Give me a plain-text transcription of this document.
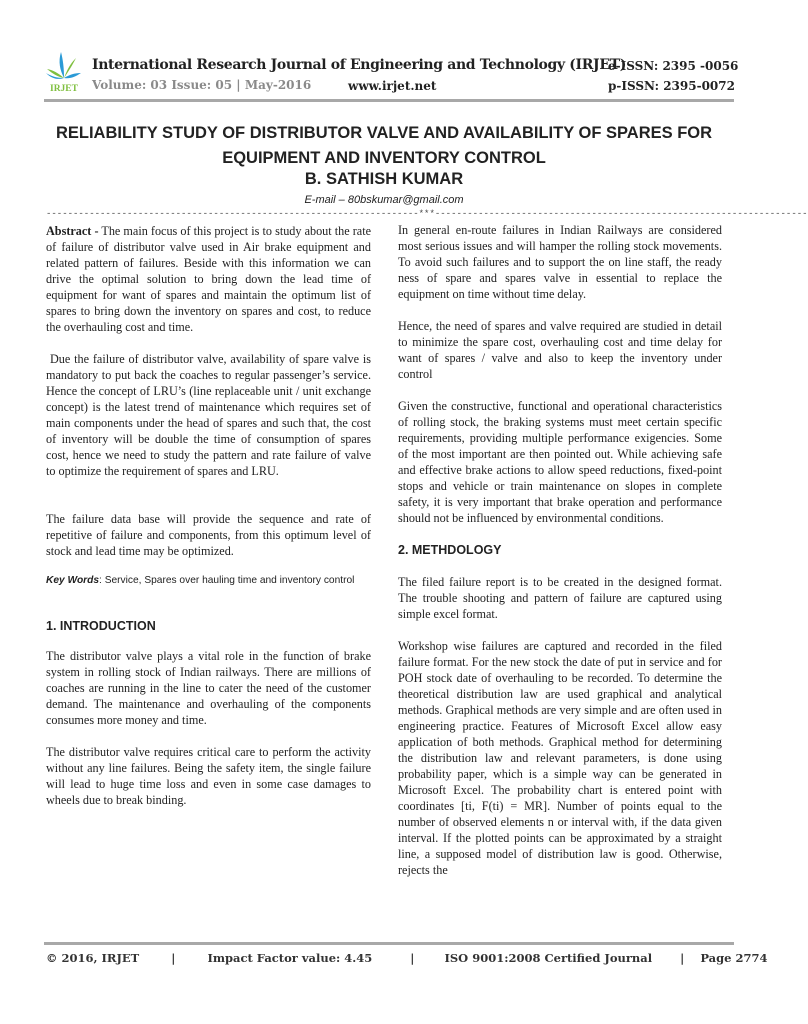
IRJET
International Research Journal of Engineering and Technology (IRJET)
e-ISSN: 2395 -0056
Volume: 03 Issue: 05 | May-2016	www.irjet.net	p-ISSN: 2395-0072
RELIABILITY STUDY OF DISTRIBUTOR VALVE AND AVAILABILITY OF SPARES FOR
EQUIPMENT AND INVENTORY CONTROL
B. SATHISH KUMAR
E-mail – 80bskumar@gmail.com
---------------------------------------------------------------------***---------------------------------------------------------------------

Abstract - The main focus of this project is to study about the rate of failure of distributor valve used in Air brake equipment and related pattern of failures. Beside with this information we can drive the optimal solution to bring down the lead time of equipment for want of spares and maintain the optimum list of spares to bring down the inventory on spares and cost, to reduce the overhauling cost and time.

Due the failure of distributor valve, availability of spare valve is mandatory to put back the coaches to regular passenger’s service. Hence the concept of LRU’s (line replaceable unit / unit exchange concept) is the latest trend of maintenance which requires set of main components under the head of spares and such that, the cost of inventory will be double the time of consumption of spares cost, hence we need to study the pattern and rate failure of valve to optimize the requirement of spares and LRU.

The failure data base will provide the sequence and rate of repetitive of failure and components, from this optimum level of stock and lead time may be optimized.

Key Words: Service, Spares over hauling time and inventory control

1. INTRODUCTION

The distributor valve plays a vital role in the function of brake system in rolling stock of Indian railways. There are millions of coaches are running in the line to cater the need of the customer demand. The maintenance and overhauling of the components consumes more money and time.

The distributor valve requires critical care to perform the activity without any line failures. Being the safety item, the single failure will lead to huge time loss and even in some case damages to wheels due to break binding.

In general en-route failures in Indian Railways are considered most serious issues and will hamper the rolling stock movements. To avoid such failures and to support the on line staff, the ready ness of spare and spares valve in essential to replace the equipment on time without time delay.

Hence, the need of spares and valve required are studied in detail to minimize the spare cost, overhauling cost and time delay for want of spares / valve and also to keep the inventory under control

Given the constructive, functional and operational characteristics of rolling stock, the braking systems must meet certain specific requirements, providing multiple performance exigencies. Some of the most important are then pointed out. While achieving safe and effective brake actions to allow speed reductions, fixed-point stops and vehicle or train maintenance on slopes in complete safety, it is very important that brake operation and performance should not be influenced by environmental conditions.

2. METHDOLOGY

The filed failure report is to be created in the designed format. The trouble shooting and pattern of failure are captured using simple excel format.

Workshop wise failures are captured and recorded in the filed failure format. For the new stock the date of put in service and for POH stock date of overhauling to be recorded. To determine the theoretical distribution law are used graphical and analytical methods. Graphical methods are very simple and are often used in engineering practice. Features of Microsoft Excel allow easy application of both methods. Graphical method for determining the distribution law and relevant parameters, is done using probability paper, which is a simple way can be generated in Microsoft Excel. The probability chart is entered point with coordinates [ti, F(ti) = MR]. Number of points equal to the number of observed elements n or interval with, if the data given interval. If the plotted points can be approximated by a straight line, a supposed model of distribution law is good. Otherwise, rejects the

© 2016, IRJET	|	Impact Factor value: 4.45	|	ISO 9001:2008 Certified Journal | Page 2774
